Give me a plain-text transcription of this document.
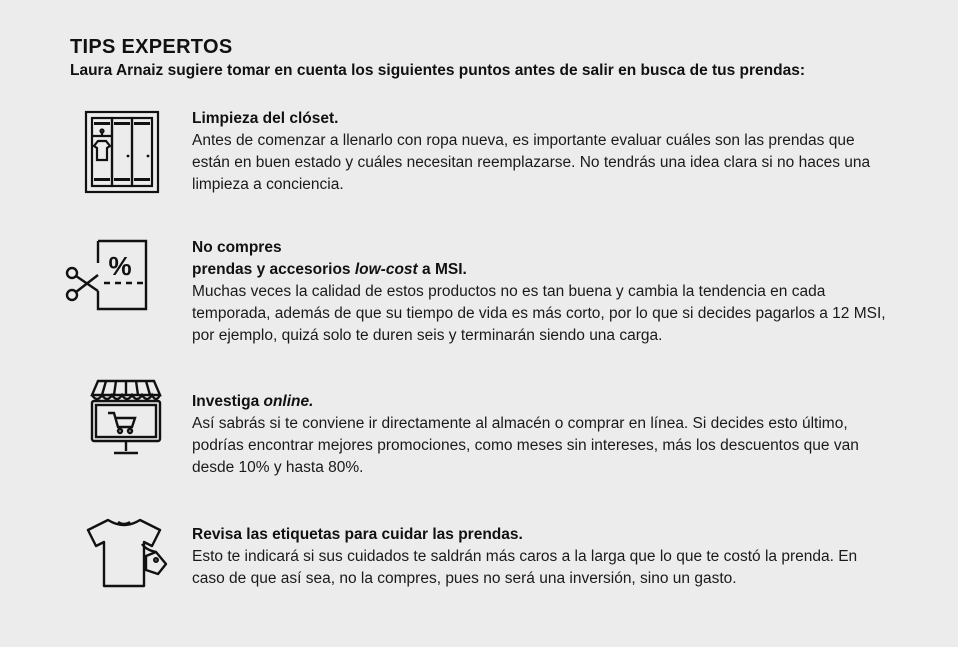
TIPS EXPERTOS

Laura Arnaiz sugiere tomar en cuenta los siguientes puntos antes de salir en busca de tus prendas:

Limpieza del clóset.

Antes de comenzar a llenarlo con ropa nueva, es importante evaluar cuáles son las prendas que están en buen estado y cuáles necesitan reemplazarse. No tendrás una idea clara si no haces una limpieza a conciencia.

%

No compres
prendas y accesorios low-cost a MSI.

Muchas veces la calidad de estos productos no es tan buena y cambia la tendencia en cada temporada, además de que su tiempo de vida es más corto, por lo que si decides pagarlos a 12 MSI, por ejemplo, quizá solo te duren seis y terminarán siendo una carga.

Investiga online.

Así sabrás si te conviene ir directamente al almacén o comprar en línea. Si decides esto último, podrías encontrar mejores promociones, como meses sin intereses, más los descuentos que van desde 10% y hasta 80%.

Revisa las etiquetas para cuidar las prendas.

Esto te indicará si sus cuidados te saldrán más caros a la larga que lo que te costó la prenda. En caso de que así sea, no la compres, pues no será una inversión, sino un gasto.
